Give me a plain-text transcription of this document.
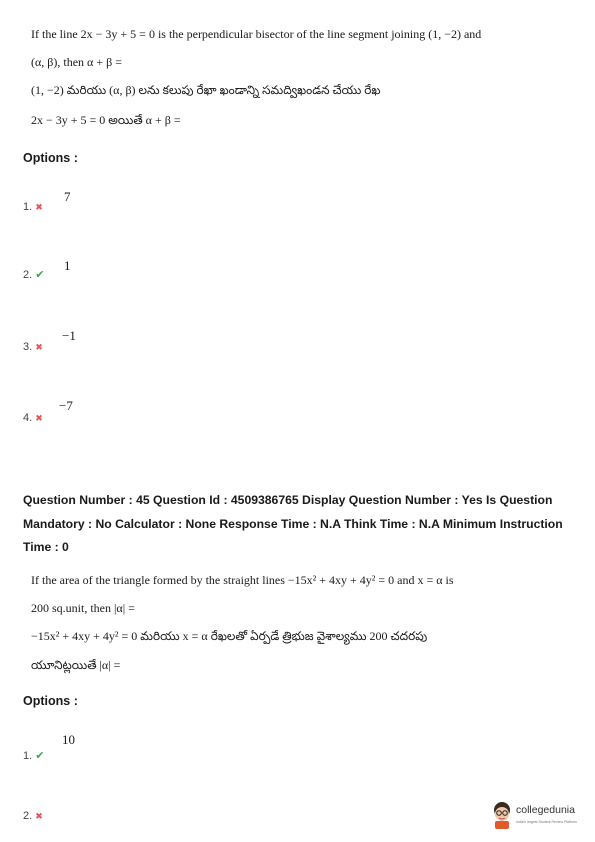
If the line 2x − 3y + 5 = 0 is the perpendicular bisector of the line segment joining (1, −2) and
(α, β), then α + β =
(1, −2) మరియు (α, β) లను కలుపు రేఖా ఖండాన్ని సమద్విఖండన చేయు రేఖ
2x − 3y + 5 = 0 అయితే α + β =
Options :
7
1. ✖
1
2. ✔
−1
3. ✖
−7
4. ✖
Question Number : 45 Question Id : 4509386765 Display Question Number : Yes Is Question
Mandatory : No Calculator : None Response Time : N.A Think Time : N.A Minimum Instruction
Time : 0
If the area of the triangle formed by the straight lines −15x² + 4xy + 4y² = 0 and x = α is
200 sq.unit, then |α| =
−15x² + 4xy + 4y² = 0 మరియు x = α రేఖలతో ఏర్పడే త్రిభుజ వైశాల్యము 200 చదరపు
యూనిట్లయితే |α| =
Options :
10
1. ✔
2. ✖	collegedunia
India's largest Student Review Platform
